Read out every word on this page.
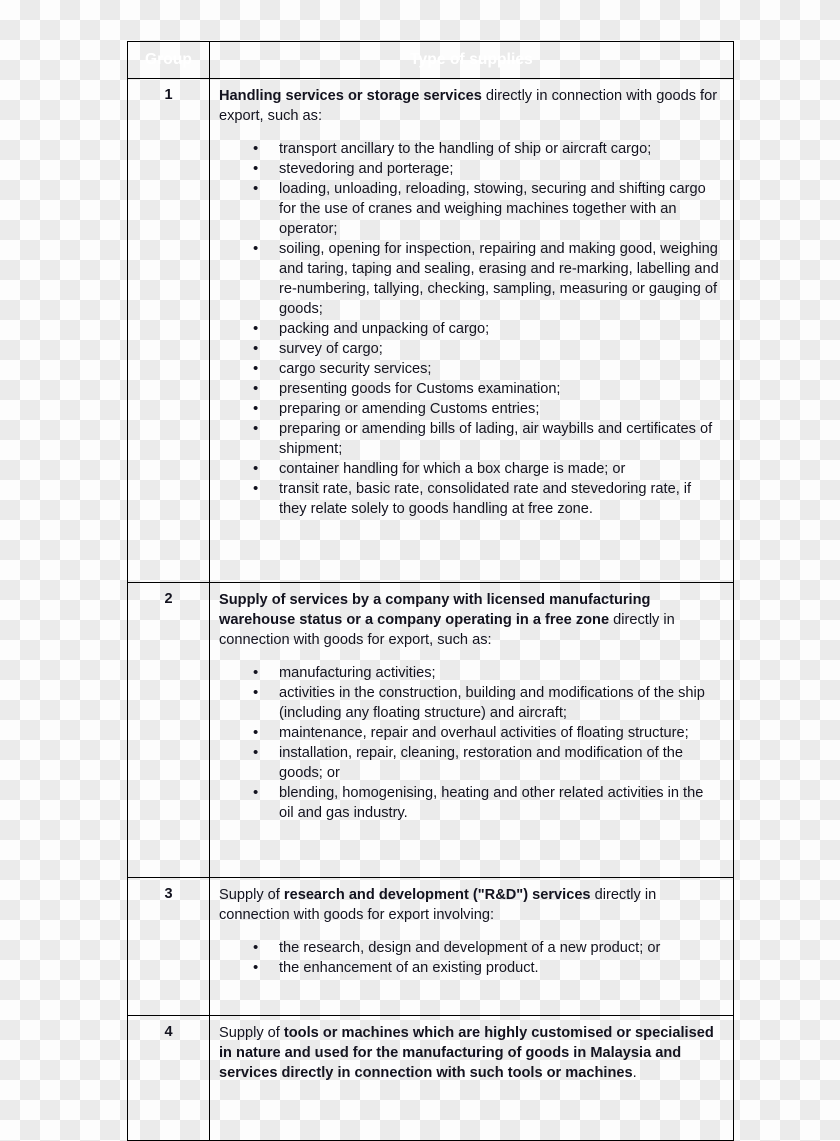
Group	Type of supplies
1	Handling services or storage services directly in connection with goods for export, such as:

• transport ancillary to the handling of ship or aircraft cargo;
• stevedoring and porterage;
• loading, unloading, reloading, stowing, securing and shifting cargo for the use of cranes and weighing machines together with an operator;
• soiling, opening for inspection, repairing and making good, weighing and taring, taping and sealing, erasing and re-marking, labelling and re-numbering, tallying, checking, sampling, measuring or gauging of goods;
• packing and unpacking of cargo;
• survey of cargo;
• cargo security services;
• presenting goods for Customs examination;
• preparing or amending Customs entries;
• preparing or amending bills of lading, air waybills and certificates of shipment;
• container handling for which a box charge is made; or
• transit rate, basic rate, consolidated rate and stevedoring rate, if they relate solely to goods handling at free zone.

2	Supply of services by a company with licensed manufacturing warehouse status or a company operating in a free zone directly in connection with goods for export, such as:

• manufacturing activities;
• activities in the construction, building and modifications of the ship (including any floating structure) and aircraft;
• maintenance, repair and overhaul activities of floating structure;
• installation, repair, cleaning, restoration and modification of the goods; or
• blending, homogenising, heating and other related activities in the oil and gas industry.

3	Supply of research and development ("R&D") services directly in connection with goods for export involving:

• the research, design and development of a new product; or
• the enhancement of an existing product.

4	Supply of tools or machines which are highly customised or specialised in nature and used for the manufacturing of goods in Malaysia and services directly in connection with such tools or machines.
